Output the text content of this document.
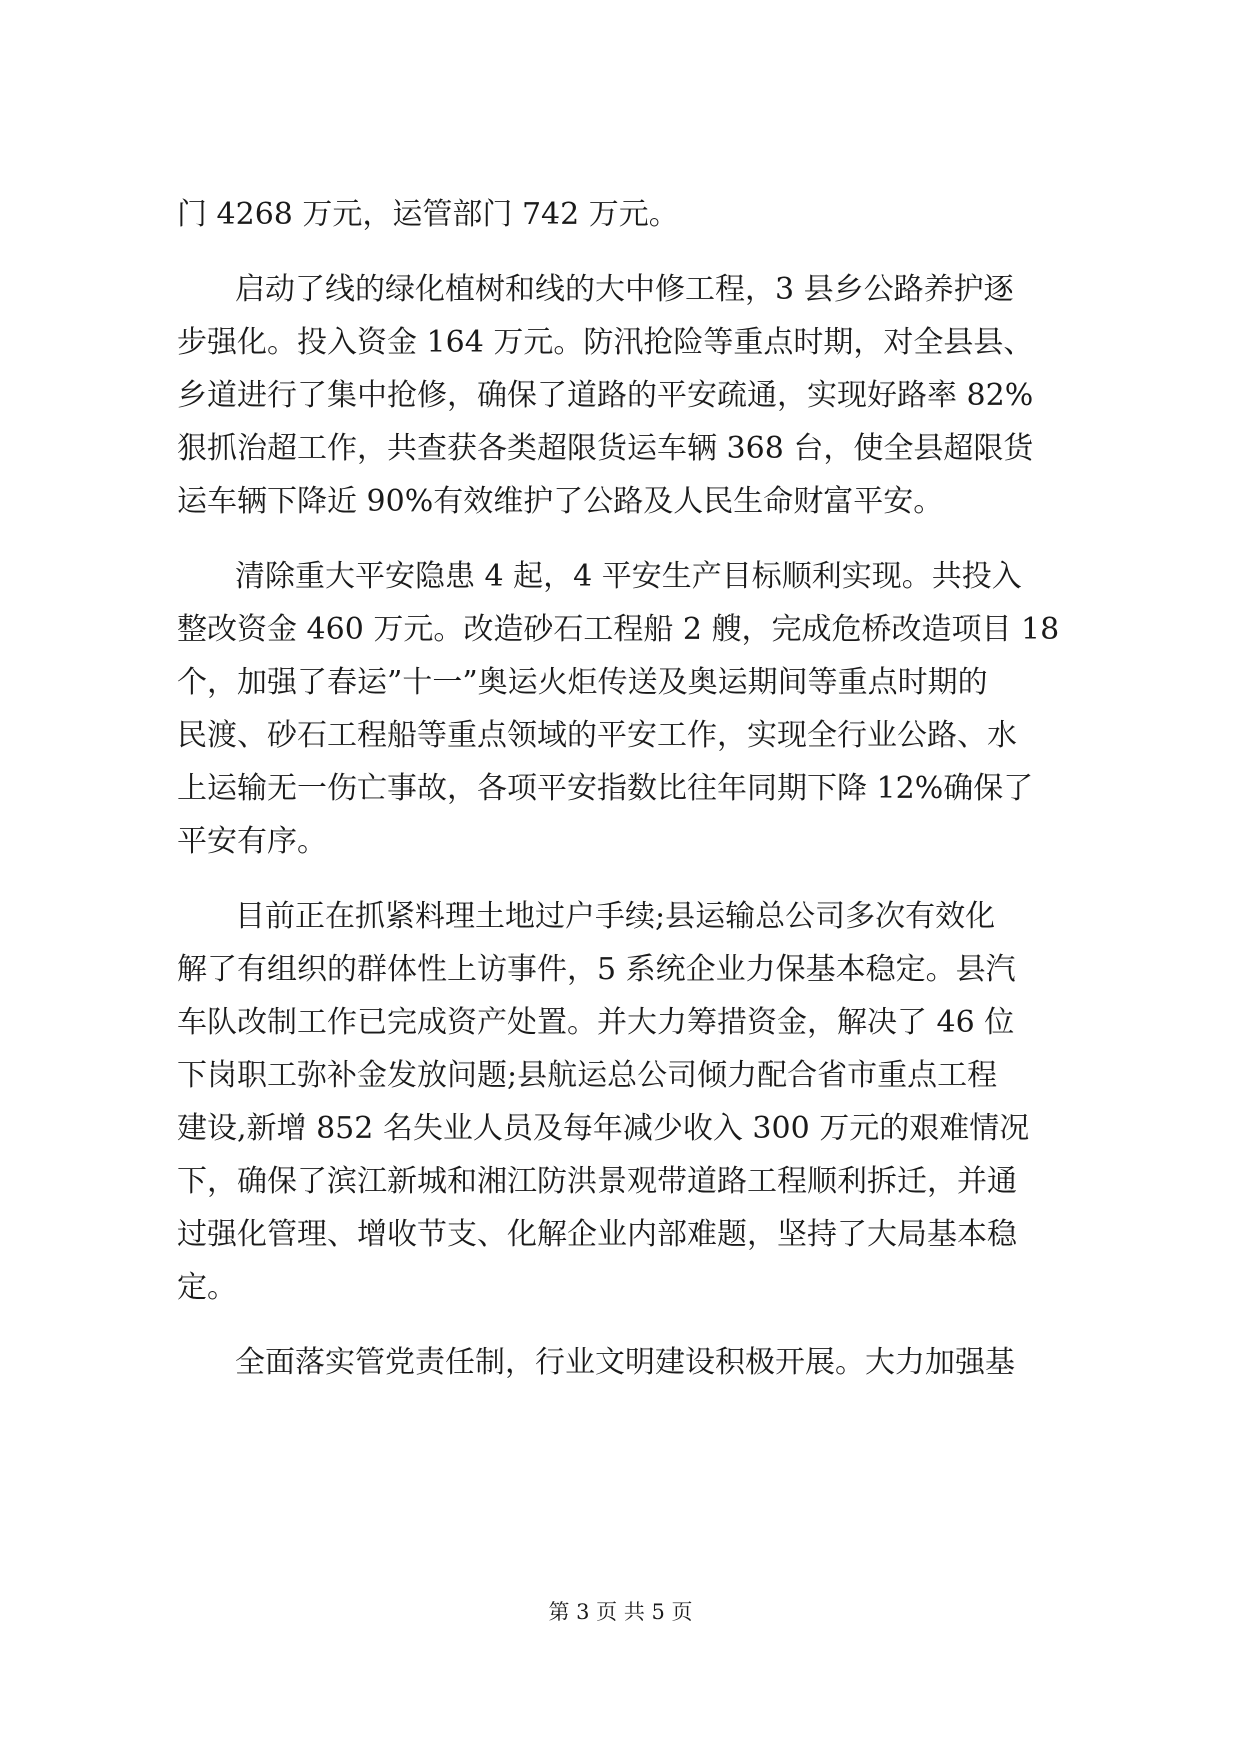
门 4268 万元，运管部门 742 万元。
启动了线的绿化植树和线的大中修工程，3 县乡公路养护逐
步强化。投入资金 164 万元。防汛抢险等重点时期，对全县县、
乡道进行了集中抢修，确保了道路的平安疏通，实现好路率 82%
狠抓治超工作，共查获各类超限货运车辆 368 台，使全县超限货
运车辆下降近 90%有效维护了公路及人民生命财富平安。
清除重大平安隐患 4 起，4 平安生产目标顺利实现。共投入
整改资金 460 万元。改造砂石工程船 2 艘，完成危桥改造项目 18
个，加强了春运”十一”奥运火炬传送及奥运期间等重点时期的
民渡、砂石工程船等重点领域的平安工作，实现全行业公路、水
上运输无一伤亡事故，各项平安指数比往年同期下降 12%确保了
平安有序。
目前正在抓紧料理土地过户手续;县运输总公司多次有效化
解了有组织的群体性上访事件，5 系统企业力保基本稳定。县汽
车队改制工作已完成资产处置。并大力筹措资金，解决了 46 位
下岗职工弥补金发放问题;县航运总公司倾力配合省市重点工程
建设,新增 852 名失业人员及每年减少收入 300 万元的艰难情况
下，确保了滨江新城和湘江防洪景观带道路工程顺利拆迁，并通
过强化管理、增收节支、化解企业内部难题，坚持了大局基本稳
定。
全面落实管党责任制，行业文明建设积极开展。大力加强基
第 3 页 共 5 页
